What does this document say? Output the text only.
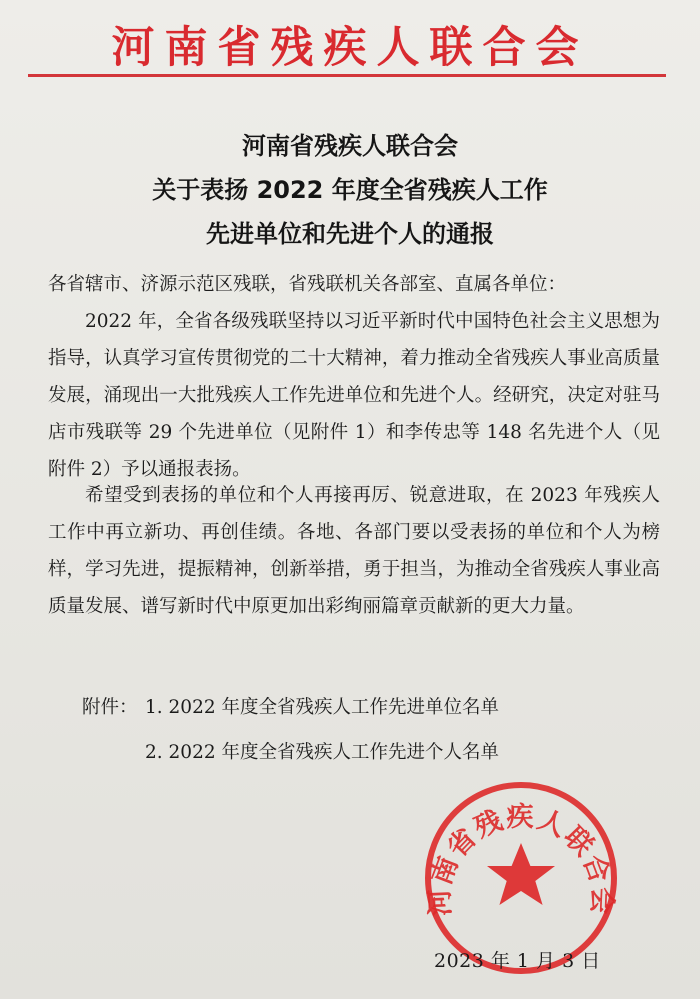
河南省残疾人联合会
河南省残疾人联合会
关于表扬 2022 年度全省残疾人工作
先进单位和先进个人的通报
各省辖市、济源示范区残联，省残联机关各部室、直属各单位：
2022 年，全省各级残联坚持以习近平新时代中国特色社会主义思想为指导，认真学习宣传贯彻党的二十大精神，着力推动全省残疾人事业高质量发展，涌现出一大批残疾人工作先进单位和先进个人。经研究，决定对驻马店市残联等 29 个先进单位（见附件 1）和李传忠等 148 名先进个人（见附件 2）予以通报表扬。
希望受到表扬的单位和个人再接再厉、锐意进取，在 2023 年残疾人工作中再立新功、再创佳绩。各地、各部门要以受表扬的单位和个人为榜样，学习先进，提振精神，创新举措，勇于担当，为推动全省残疾人事业高质量发展、谱写新时代中原更加出彩绚丽篇章贡献新的更大力量。
附件： 1. 2022 年度全省残疾人工作先进单位名单
2. 2022 年度全省残疾人工作先进个人名单
河南省残疾人联合会
2023 年 1 月 3 日
